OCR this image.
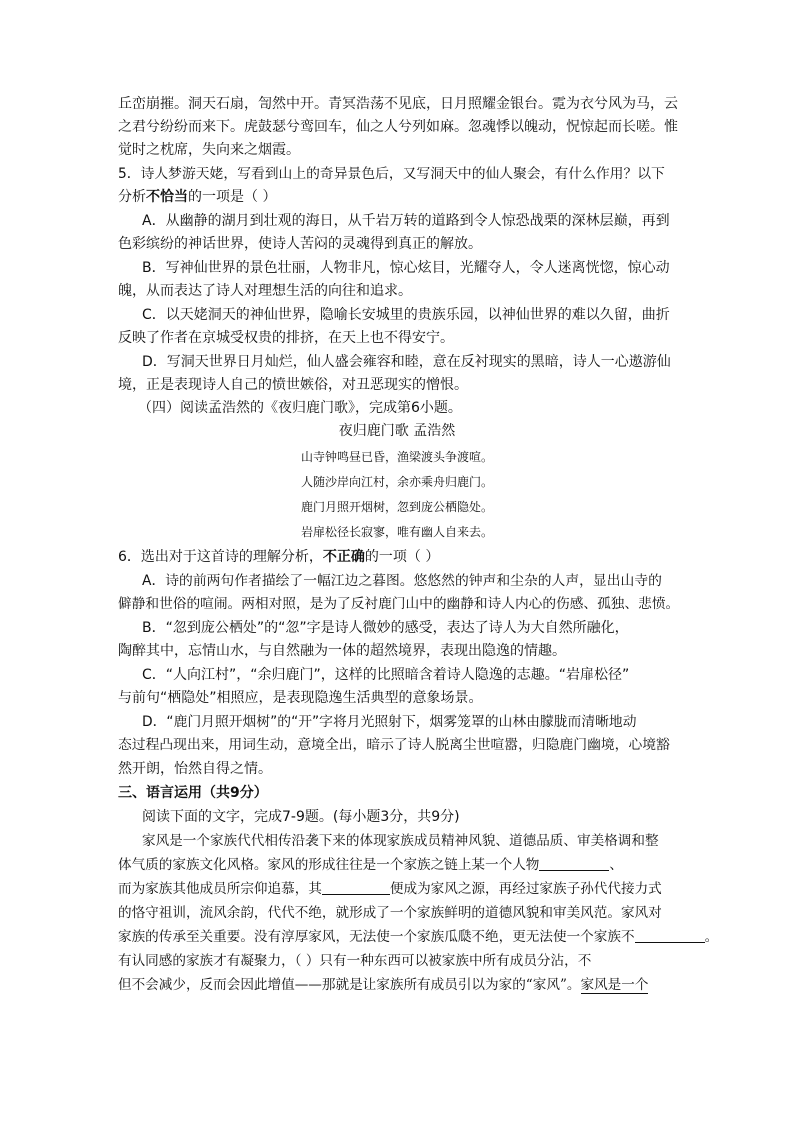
丘峦崩摧。洞天石扇，訇然中开。青冥浩荡不见底，日月照耀金银台。霓为衣兮风为马，云
之君兮纷纷而来下。虎鼓瑟兮鸾回车，仙之人兮列如麻。忽魂悸以魄动，怳惊起而长嗟。惟
觉时之枕席，失向来之烟霞。
5．诗人梦游天姥，写看到山上的奇异景色后，又写洞天中的仙人聚会，有什么作用？以下
分析不恰当的一项是（ ）
A．从幽静的湖月到壮观的海日，从千岩万转的道路到令人惊恐战栗的深林层巅，再到
色彩缤纷的神话世界，使诗人苦闷的灵魂得到真正的解放。
B．写神仙世界的景色壮丽，人物非凡，惊心炫目，光耀夺人，令人迷离恍惚，惊心动
魄，从而表达了诗人对理想生活的向往和追求。
C．以天姥洞天的神仙世界，隐喻长安城里的贵族乐园，以神仙世界的难以久留，曲折
反映了作者在京城受权贵的排挤，在天上也不得安宁。
D．写洞天世界日月灿烂，仙人盛会雍容和睦，意在反衬现实的黑暗，诗人一心遨游仙
境，正是表现诗人自己的愤世嫉俗，对丑恶现实的憎恨。
（四）阅读孟浩然的《夜归鹿门歌》，完成第6小题。
夜归鹿门歌 孟浩然
山寺钟鸣昼已昏，渔梁渡头争渡喧。
人随沙岸向江村，余亦乘舟归鹿门。
鹿门月照开烟树，忽到庞公栖隐处。
岩扉松径长寂寥，唯有幽人自来去。
6．选出对于这首诗的理解分析，不正确的一项（ ）
A．诗的前两句作者描绘了一幅江边之暮图。悠悠然的钟声和尘杂的人声，显出山寺的
僻静和世俗的喧闹。两相对照，是为了反衬鹿门山中的幽静和诗人内心的伤感、孤独、悲愤。
B．“忽到庞公栖处”的“忽”字是诗人微妙的感受，表达了诗人为大自然所融化，
陶醉其中，忘情山水，与自然融为一体的超然境界，表现出隐逸的情趣。
C．“人向江村”，“余归鹿门”，这样的比照暗含着诗人隐逸的志趣。“岩扉松径”
与前句“栖隐处”相照应，是表现隐逸生活典型的意象场景。
D．“鹿门月照开烟树”的“开”字将月光照射下，烟雾笼罩的山林由朦胧而清晰地动
态过程凸现出来，用词生动，意境全出，暗示了诗人脱离尘世喧嚣，归隐鹿门幽境，心境豁
然开朗，怡然自得之情。
三、语言运用（共9分）
阅读下面的文字，完成7-9题。(每小题3分，共9分)
家风是一个家族代代相传沿袭下来的体现家族成员精神风貌、道德品质、审美格调和整
体气质的家族文化风格。家风的形成往往是一个家族之链上某一个人物	、
而为家族其他成员所宗仰追慕，其	便成为家风之源，再经过家族子孙代代接力式
的恪守祖训，流风余韵，代代不绝，就形成了一个家族鲜明的道德风貌和审美风范。家风对
家族的传承至关重要。没有淳厚家风，无法使一个家族瓜瓞不绝，更无法使一个家族不	。
有认同感的家族才有凝聚力，（ ）只有一种东西可以被家族中所有成员分沾，不
但不会减少，反而会因此增值——那就是让家族所有成员引以为家的“家风”。家风是一个
